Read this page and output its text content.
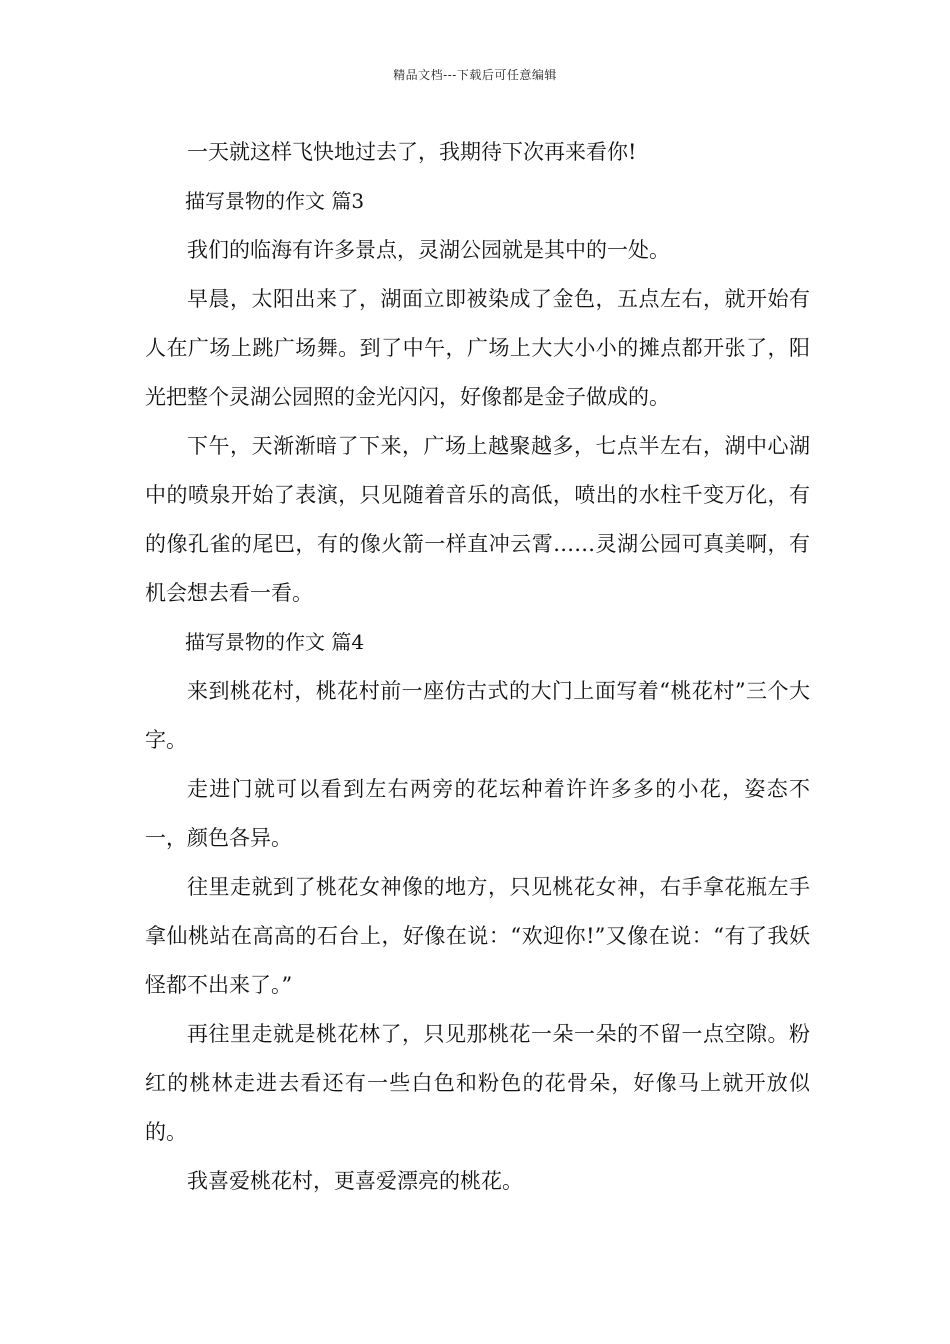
精品文档---下载后可任意编辑

一天就这样飞快地过去了，我期待下次再来看你!

描写景物的作文 篇3

我们的临海有许多景点，灵湖公园就是其中的一处。

早晨，太阳出来了，湖面立即被染成了金色，五点左右，就开始有人在广场上跳广场舞。到了中午，广场上大大小小的摊点都开张了，阳光把整个灵湖公园照的金光闪闪，好像都是金子做成的。

下午，天渐渐暗了下来，广场上越聚越多，七点半左右，湖中心湖中的喷泉开始了表演，只见随着音乐的高低，喷出的水柱千变万化，有的像孔雀的尾巴，有的像火箭一样直冲云霄……灵湖公园可真美啊，有机会想去看一看。

描写景物的作文 篇4

来到桃花村，桃花村前一座仿古式的大门上面写着“桃花村”三个大字。

走进门就可以看到左右两旁的花坛种着许许多多的小花，姿态不一，颜色各异。

往里走就到了桃花女神像的地方，只见桃花女神，右手拿花瓶左手拿仙桃站在高高的石台上，好像在说：“欢迎你!”又像在说：“有了我妖怪都不出来了。”

再往里走就是桃花林了，只见那桃花一朵一朵的不留一点空隙。粉红的桃林走进去看还有一些白色和粉色的花骨朵，好像马上就开放似的。

我喜爱桃花村，更喜爱漂亮的桃花。
